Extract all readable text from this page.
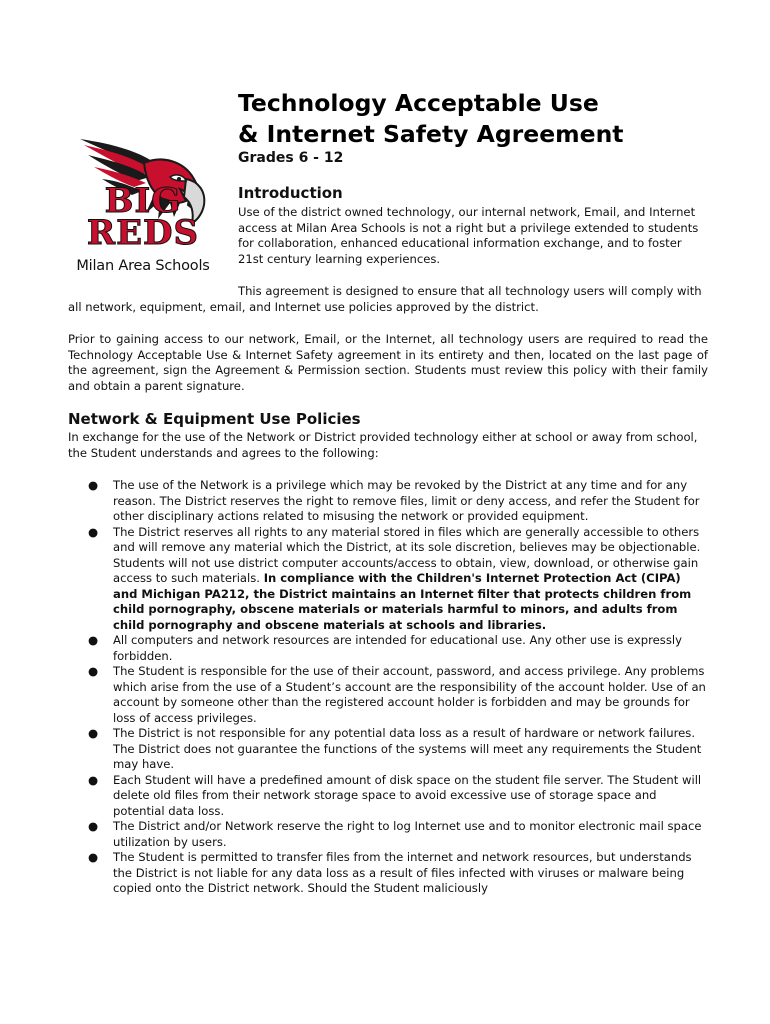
BIG
REDS
Milan Area Schools
Technology Acceptable Use
& Internet Safety Agreement
Grades 6 - 12
Introduction

Use of the district owned technology, our internal network, Email, and Internet access at Milan Area Schools is not a right but a privilege extended to students for collaboration, enhanced educational information exchange, and to foster 21st century learning experiences.

This agreement is designed to ensure that all technology users will comply with all network, equipment, email, and Internet use policies approved by the district.

Prior to gaining access to our network, Email, or the Internet, all technology users are required to read the Technology Acceptable Use & Internet Safety agreement in its entirety and then, located on the last page of the agreement, sign the Agreement & Permission section. Students must review this policy with their family and obtain a parent signature.

Network & Equipment Use Policies

In exchange for the use of the Network or District provided technology either at school or away from school, the Student understands and agrees to the following:

● The use of the Network is a privilege which may be revoked by the District at any time and for any reason. The District reserves the right to remove files, limit or deny access, and refer the Student for other disciplinary actions related to misusing the network or provided equipment.
● The District reserves all rights to any material stored in files which are generally accessible to others and will remove any material which the District, at its sole discretion, believes may be objectionable. Students will not use district computer accounts/access to obtain, view, download, or otherwise gain access to such materials. In compliance with the Children's Internet Protection Act (CIPA) and Michigan PA212, the District maintains an Internet filter that protects children from child pornography, obscene materials or materials harmful to minors, and adults from child pornography and obscene materials at schools and libraries.
● All computers and network resources are intended for educational use. Any other use is expressly forbidden.
● The Student is responsible for the use of their account, password, and access privilege. Any problems which arise from the use of a Student’s account are the responsibility of the account holder. Use of an account by someone other than the registered account holder is forbidden and may be grounds for loss of access privileges.
● The District is not responsible for any potential data loss as a result of hardware or network failures. The District does not guarantee the functions of the systems will meet any requirements the Student may have.
● Each Student will have a predefined amount of disk space on the student file server. The Student will delete old files from their network storage space to avoid excessive use of storage space and potential data loss.
● The District and/or Network reserve the right to log Internet use and to monitor electronic mail space utilization by users.
● The Student is permitted to transfer files from the internet and network resources, but understands the District is not liable for any data loss as a result of files infected with viruses or malware being copied onto the District network. Should the Student maliciously
